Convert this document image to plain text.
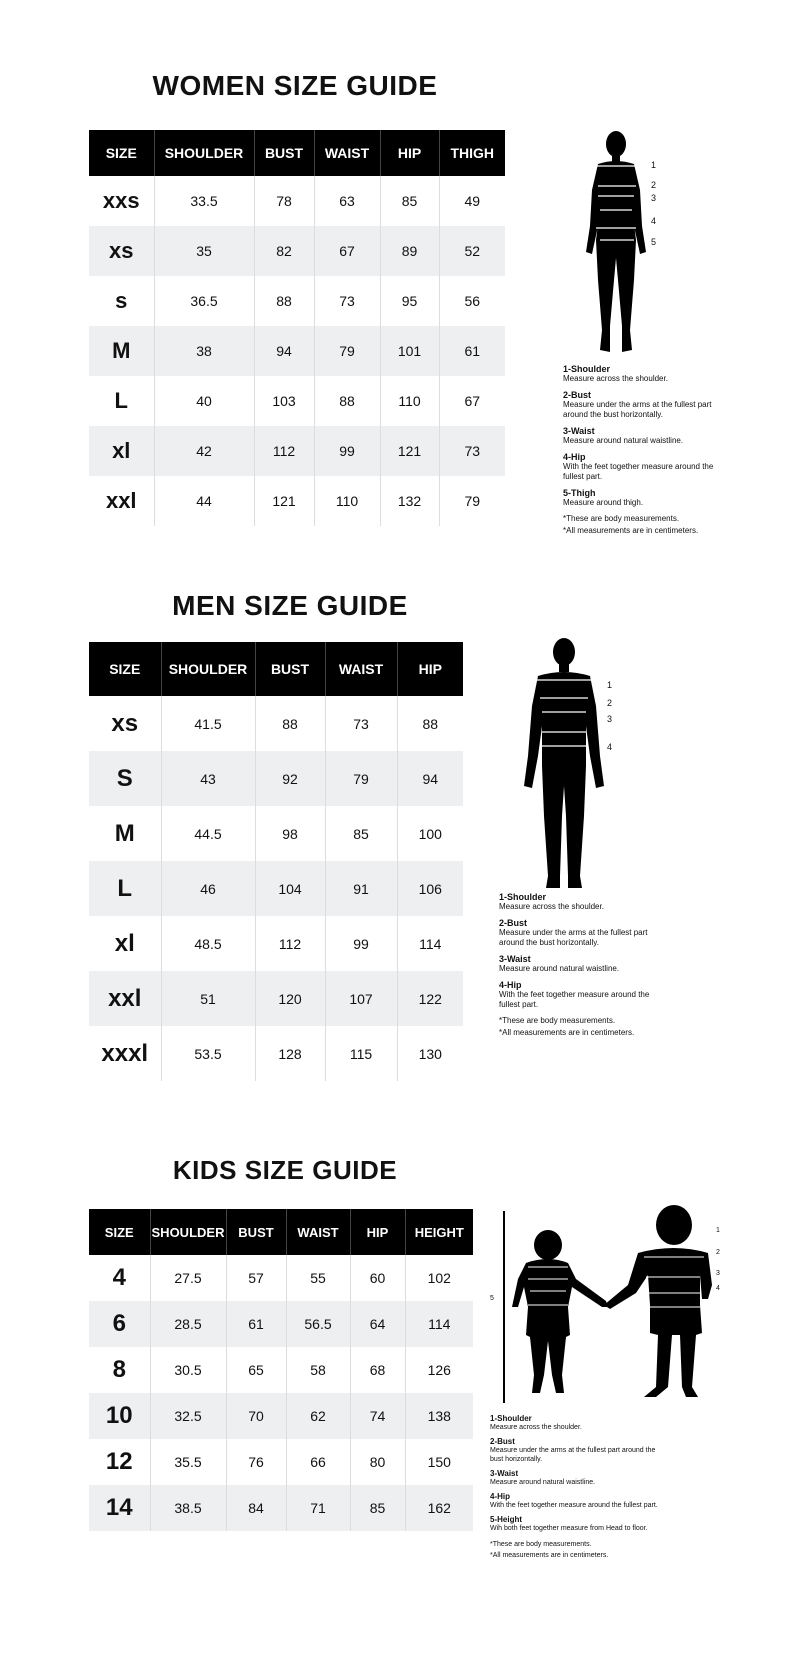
WOMEN SIZE GUIDE
SIZE	SHOULDER	BUST	WAIST	HIP	THIGH
xxs	33.5	78	63	85	49
xs	35	82	67	89	52
s	36.5	88	73	95	56
M	38	94	79	101	61
L	40	103	88	110	67
xl	42	112	99	121	73
xxl	44	121	110	132	79
1
2
3
4
5
1-Shoulder
Measure across the shoulder.
2-Bust
Measure under the arms at the fullest part around the bust horizontally.
3-Waist
Measure around natural waistline.
4-Hip
With the feet together measure around the fullest part.
5-Thigh
Measure around thigh.
*These are body measurements.
*All measurements are in centimeters.
MEN SIZE GUIDE
SIZE	SHOULDER	BUST	WAIST	HIP
xs	41.5	88	73	88
S	43	92	79	94
M	44.5	98	85	100
L	46	104	91	106
xl	48.5	112	99	114
xxl	51	120	107	122
xxxl	53.5	128	115	130
1
2
3
4
1-Shoulder
Measure across the shoulder.
2-Bust
Measure under the arms at the fullest part around the bust horizontally.
3-Waist
Measure around natural waistline.
4-Hip
With the feet together measure around the fullest part.
*These are body measurements.
*All measurements are in centimeters.
KIDS SIZE GUIDE
SIZE	SHOULDER	BUST	WAIST	HIP	HEIGHT
4	27.5	57	55	60	102
6	28.5	61	56.5	64	114
8	30.5	65	58	68	126
10	32.5	70	62	74	138
12	35.5	76	66	80	150
14	38.5	84	71	85	162
5
1
2
3
4
1-Shoulder
Measure across the shoulder.
2-Bust
Measure under the arms at the fullest part around the bust horizontally.
3-Waist
Measure around natural waistline.
4-Hip
With the feet together measure around the fullest part.
5-Height
Wih both feet together measure from Head to floor.
*These are body measurements.
*All measurements are in centimeters.
